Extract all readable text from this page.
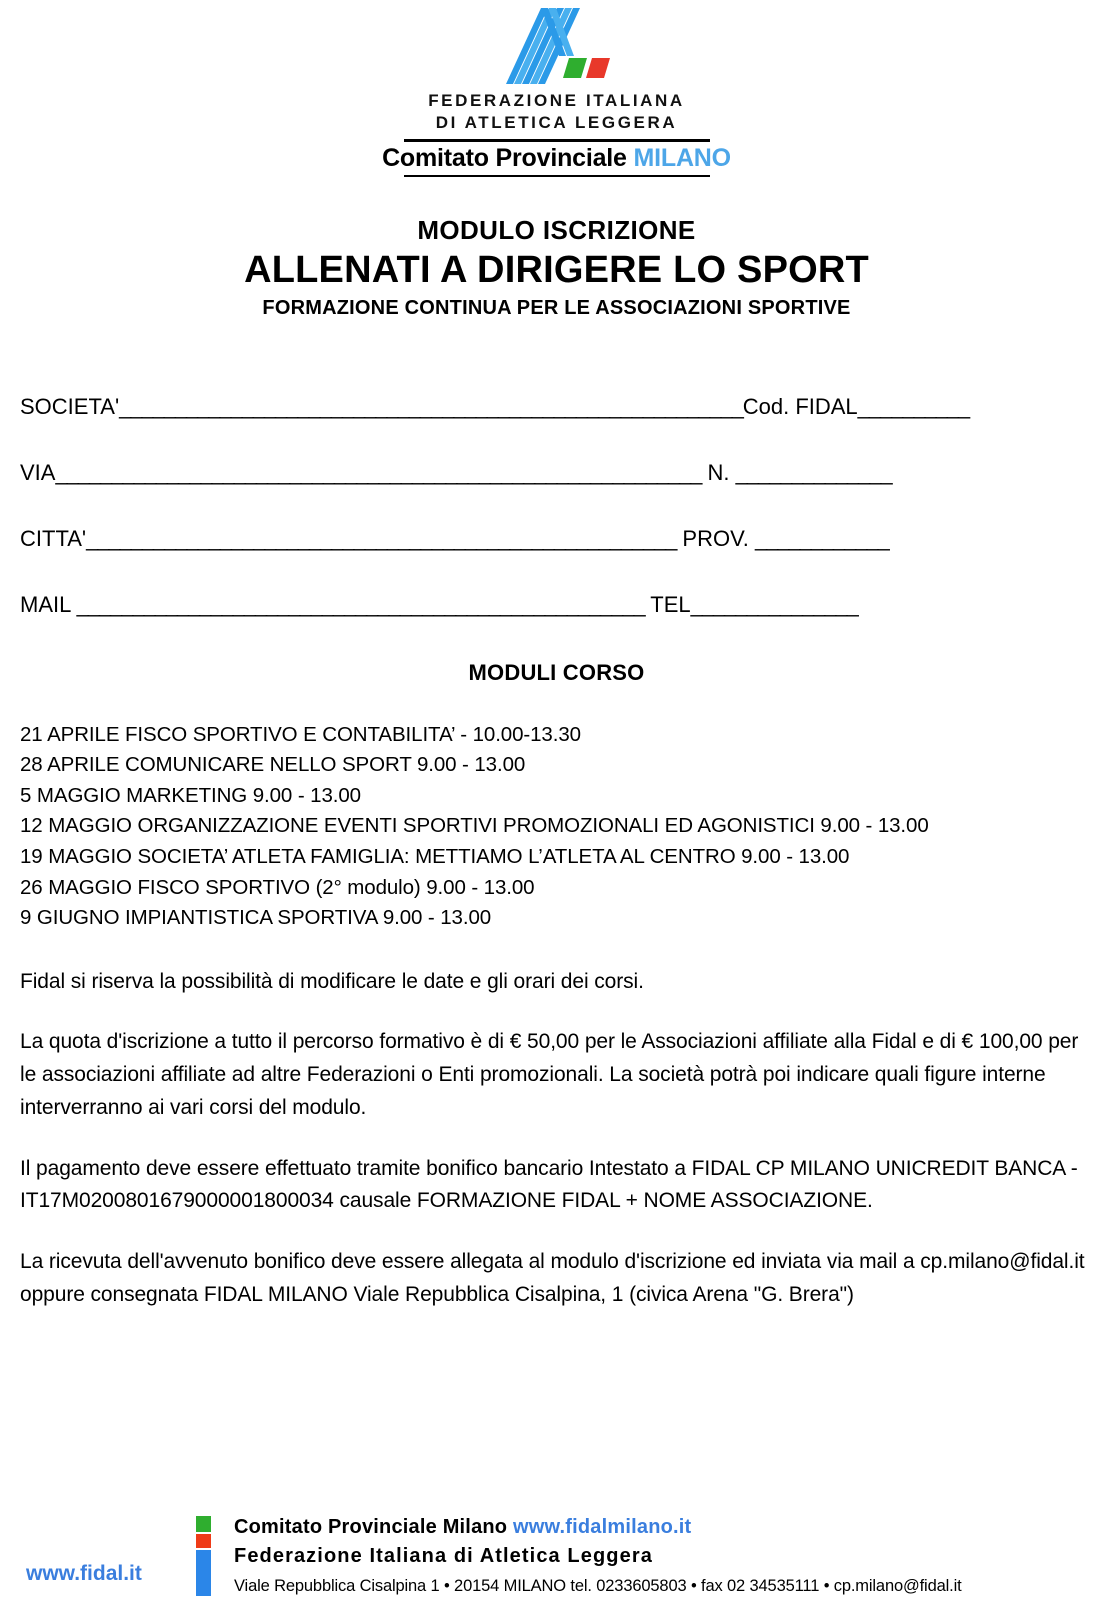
FEDERAZIONE ITALIANA
DI ATLETICA LEGGERA
Comitato Provinciale MILANO
MODULO ISCRIZIONE
ALLENATI A DIRIGERE LO SPORT
FORMAZIONE CONTINUA PER LE ASSOCIAZIONI SPORTIVE
SOCIETA'________________________________________________________Cod. FIDAL__________
VIA__________________________________________________________ N. ______________
CITTA'_____________________________________________________ PROV. ____________
MAIL ___________________________________________________ TEL_______________
MODULI CORSO
21 APRILE FISCO SPORTIVO E CONTABILITA’ - 10.00-13.30
28 APRILE COMUNICARE NELLO SPORT 9.00 - 13.00
5 MAGGIO MARKETING 9.00 - 13.00
12 MAGGIO ORGANIZZAZIONE EVENTI SPORTIVI PROMOZIONALI ED AGONISTICI 9.00 - 13.00
19 MAGGIO SOCIETA’ ATLETA FAMIGLIA: METTIAMO L’ATLETA AL CENTRO 9.00 - 13.00
26 MAGGIO FISCO SPORTIVO (2° modulo) 9.00 - 13.00
9 GIUGNO IMPIANTISTICA SPORTIVA 9.00 - 13.00
Fidal si riserva la possibilità di modificare le date e gli orari dei corsi.
La quota d'iscrizione a tutto il percorso formativo è di € 50,00 per le Associazioni affiliate alla Fidal e di € 100,00 per le associazioni affiliate ad altre Federazioni o Enti promozionali. La società potrà poi indicare quali figure interne interverranno ai vari corsi del modulo.
Il pagamento deve essere effettuato tramite bonifico bancario Intestato a FIDAL CP MILANO UNICREDIT BANCA - IT17M0200801679000001800034 causale FORMAZIONE FIDAL + NOME ASSOCIAZIONE.
La ricevuta dell'avvenuto bonifico deve essere allegata al modulo d'iscrizione ed inviata via mail a cp.milano@fidal.it oppure consegnata FIDAL MILANO Viale Repubblica Cisalpina, 1 (civica Arena "G. Brera")
www.fidal.it
Comitato Provinciale Milano www.fidalmilano.it
Federazione Italiana di Atletica Leggera
Viale Repubblica Cisalpina 1 • 20154 MILANO tel. 0233605803 • fax 02 34535111 • cp.milano@fidal.it
